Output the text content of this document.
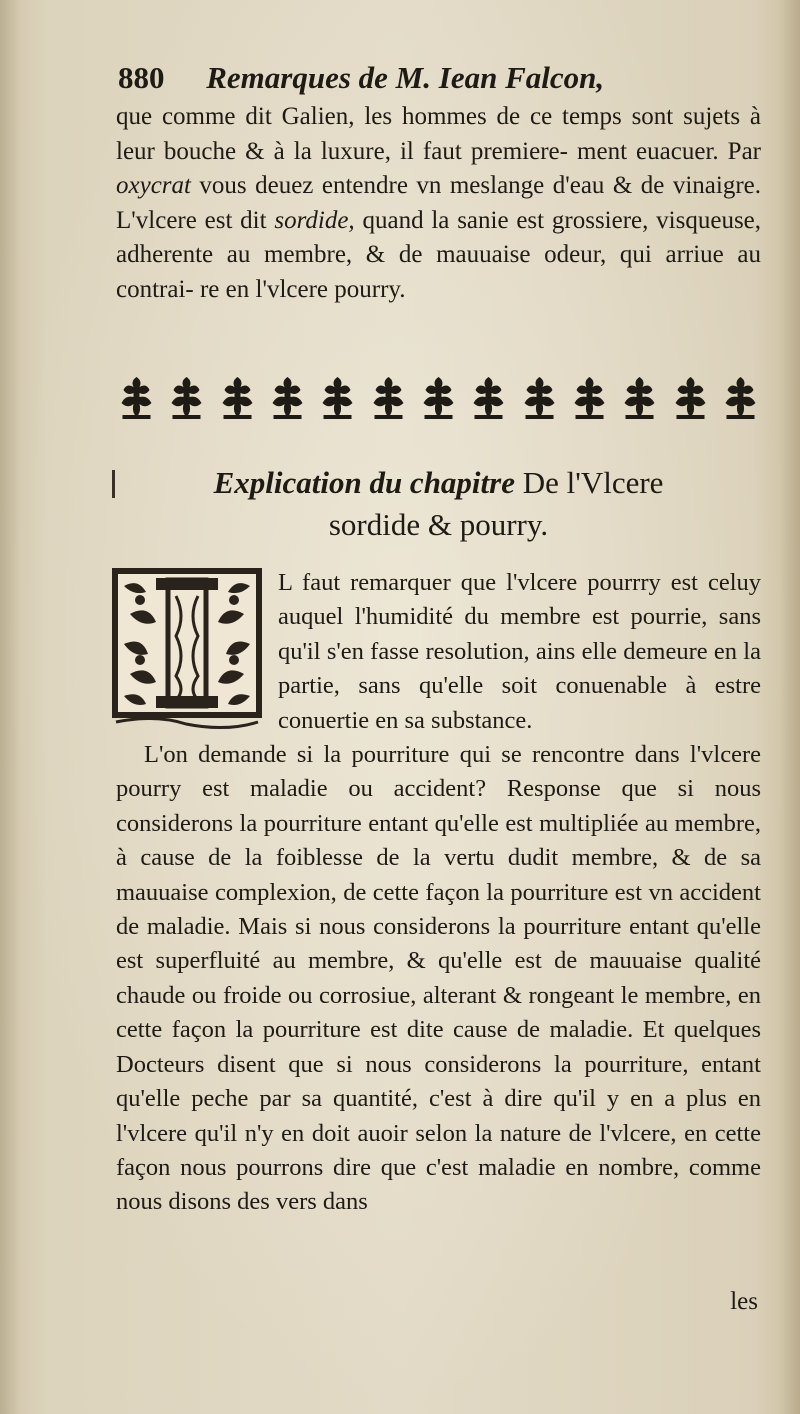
880 Remarques de M. Iean Falcon,

que comme dit Galien, les hommes de ce temps sont sujets à leur bouche & à la luxure, il faut premiere- ment euacuer. Par oxycrat vous deuez entendre vn meslange d'eau & de vinaigre. L'vlcere est dit sordide, quand la sanie est grossiere, visqueuse, adherente au membre, & de mauuaise odeur, qui arriue au contrai- re en l'vlcere pourry.

Explication du chapitre De l'Vlcere
sordide & pourry.
I

L faut remarquer que l'vlcere pourrry est celuy auquel l'humidité du membre est pourrie, sans qu'il s'en fasse resolution, ains elle demeure en la partie, sans qu'elle soit conuenable à estre conuertie en sa substance.

L'on demande si la pourriture qui se rencontre dans l'vlcere pourry est maladie ou accident? Response que si nous considerons la pourriture entant qu'elle est multipliée au membre, à cause de la foiblesse de la vertu dudit membre, & de sa mauuaise complexion, de cette façon la pourriture est vn accident de maladie. Mais si nous considerons la pourriture entant qu'elle est superfluité au membre, & qu'elle est de mauuaise qualité chaude ou froide ou corrosiue, alterant & rongeant le membre, en cette façon la pourriture est dite cause de maladie. Et quelques Docteurs disent que si nous considerons la pourriture, entant qu'elle peche par sa quantité, c'est à dire qu'il y en a plus en l'vlcere qu'il n'y en doit auoir selon la nature de l'vlcere, en cette façon nous pourrons dire que c'est maladie en nombre, comme nous disons des vers dans

les
